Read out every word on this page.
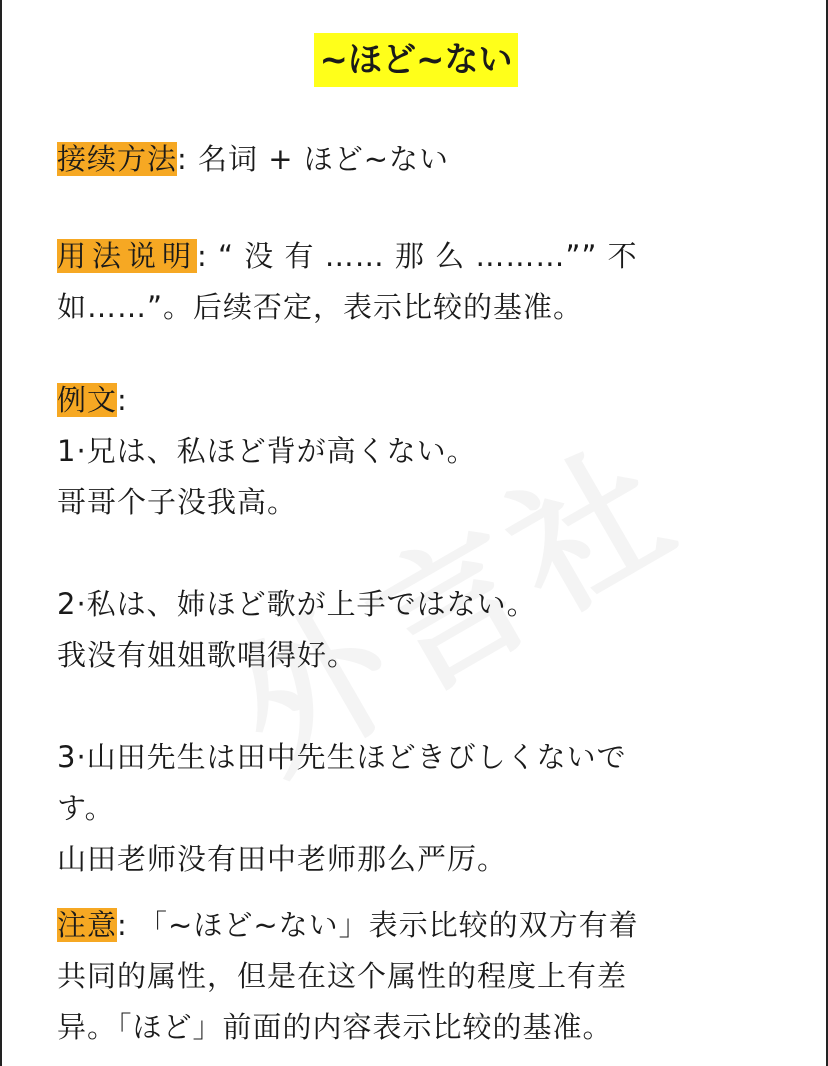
~ほど~ない
接续方法: 名词 + ほど~ない
用法说明: “ 没 有 …… 那 么 ………”” 不
如……”。后续否定，表示比较的基准。
例文:
1·兄は、私ほど背が高くない。
哥哥个子没我高。
2·私は、姉ほど歌が上手ではない。
我没有姐姐歌唱得好。
3·山田先生は田中先生ほどきびしくないで
す。
山田老师没有田中老师那么严厉。
注意: 「~ほど~ない」表示比较的双方有着
共同的属性，但是在这个属性的程度上有差
异。「ほど」前面的内容表示比较的基准。
